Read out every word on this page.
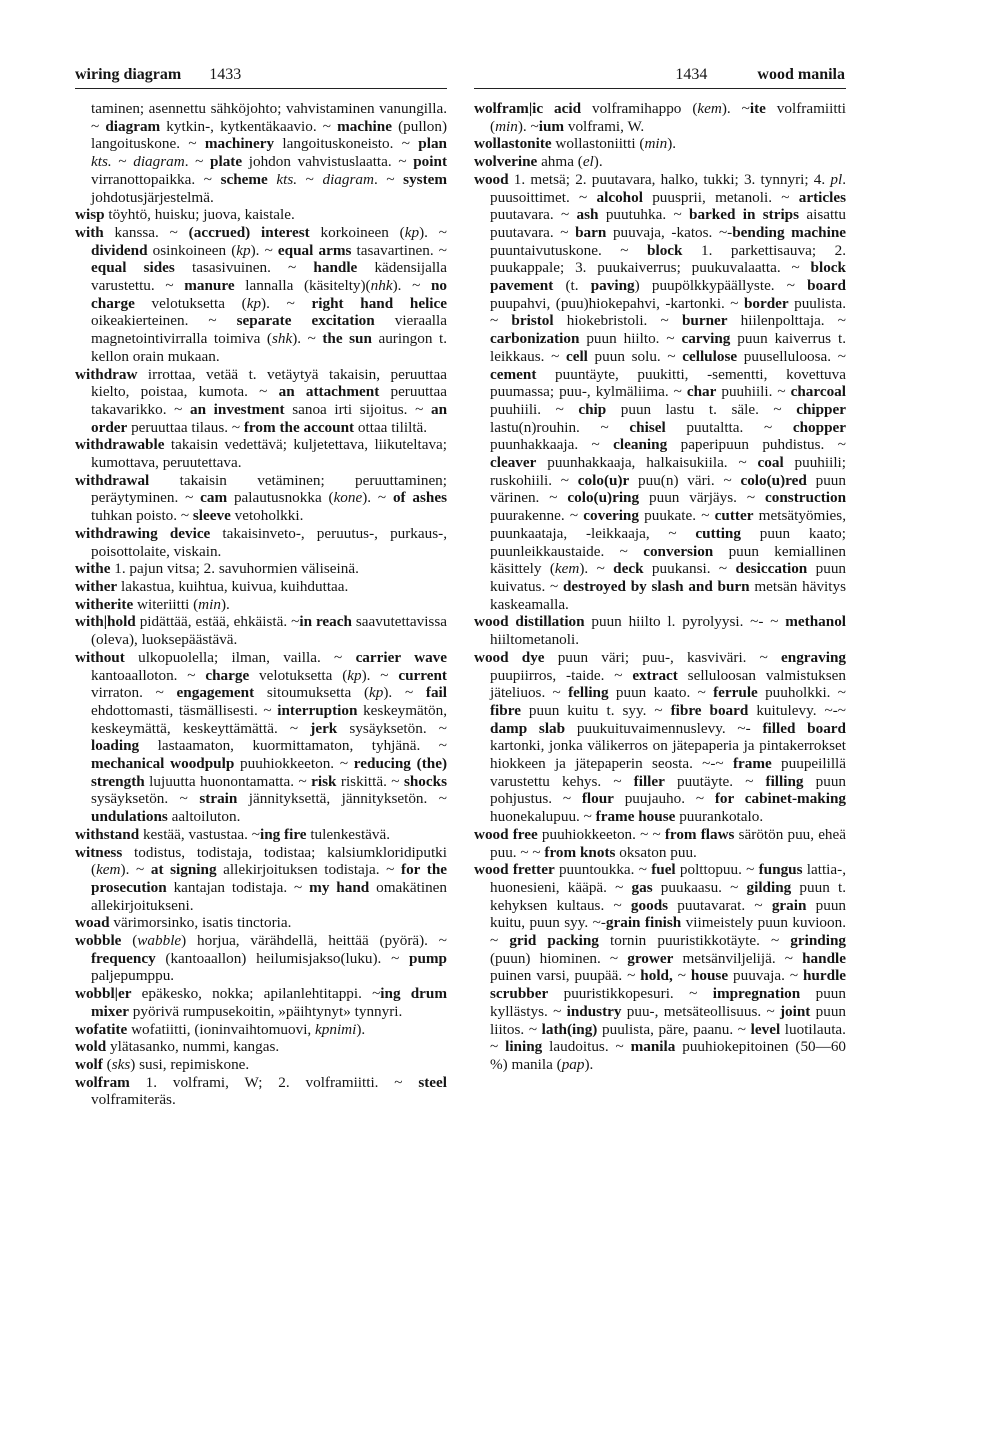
wiring diagram 1433	1434	wood manila

taminen; asennettu sähköjohto; vahvistaminen vanungilla. ~ diagram kytkin-, kytkentäkaavio. ~ machine (pullon) langoituskone. ~ machinery langoituskoneisto. ~ plan kts. ~ diagram. ~ plate johdon vahvistuslaatta. ~ point virranottopaikka. ~ scheme kts. ~ diagram. ~ system johdotusjärjestelmä.

wisp töyhtö, huisku; juova, kaistale.

with kanssa. ~ (accrued) interest korkoineen (kp). ~ dividend osinkoineen (kp). ~ equal arms tasavartinen. ~ equal sides tasasivuinen. ~ handle kädensijalla varustettu. ~ manure lannalla (käsitelty)(nhk). ~ no charge velotuksetta (kp). ~ right hand helice oikeakierteinen. ~ separate excitation vieraalla magnetointivirralla toimiva (shk). ~ the sun auringon t. kellon orain mukaan.

withdraw irrottaa, vetää t. vetäytyä takaisin, peruuttaa kielto, poistaa, kumota. ~ an attachment peruuttaa takavarikko. ~ an investment sanoa irti sijoitus. ~ an order peruuttaa tilaus. ~ from the account ottaa tililtä.

withdrawable takaisin vedettävä; kuljetettava, liikuteltava; kumottava, peruutettava.

withdrawal takaisin vetäminen; peruuttaminen; peräytyminen. ~ cam palautusnokka (kone). ~ of ashes tuhkan poisto. ~ sleeve vetoholkki.

withdrawing device takaisinveto-, peruutus-, purkaus-, poisottolaite, viskain.

withe 1. pajun vitsa; 2. savuhormien väliseinä.

wither lakastua, kuihtua, kuivua, kuihduttaa.

witherite witeriitti (min).

with|hold pidättää, estää, ehkäistä. ~in reach saavutettavissa (oleva), luoksepäästävä.

without ulkopuolella; ilman, vailla. ~ carrier wave kantoaalloton. ~ charge velotuksetta (kp). ~ current virraton. ~ engagement sitoumuksetta (kp). ~ fail ehdottomasti, täsmällisesti. ~ interruption keskeymätön, keskeymättä, keskeyttämättä. ~ jerk sysäyksetön. ~ loading lastaamaton, kuormittamaton, tyhjänä. ~ mechanical woodpulp puuhiokkeeton. ~ reducing (the) strength lujuutta huonontamatta. ~ risk riskittä. ~ shocks sysäyksetön. ~ strain jännityksettä, jännityksetön. ~ undulations aaltoiluton.

withstand kestää, vastustaa. ~ing fire tulenkestävä.

witness todistus, todistaja, todistaa; kalsiumkloridiputki (kem). ~ at signing allekirjoituksen todistaja. ~ for the prosecution kantajan todistaja. ~ my hand omakätinen allekirjoitukseni.

woad värimorsinko, isatis tinctoria.

wobble (wabble) horjua, värähdellä, heittää (pyörä). ~ frequency (kantoaallon) heilumisjakso(luku). ~ pump paljepumppu.

wobbl|er epäkesko, nokka; apilanlehtitappi. ~ing drum mixer pyörivä rumpusekoitin, »päihtynyt» tynnyri.

wofatite wofatiitti, (ioninvaihtomuovi, kpnimi).

wold ylätasanko, nummi, kangas.

wolf (sks) susi, repimiskone.

wolfram 1. volframi, W; 2. volframiitti. ~ steel volframiteräs.

wolfram|ic acid volframihappo (kem). ~ite volframiitti (min). ~ium volframi, W.

wollastonite wollastoniitti (min).

wolverine ahma (el).

wood 1. metsä; 2. puutavara, halko, tukki; 3. tynnyri; 4. pl. puusoittimet. ~ alcohol puusprii, metanoli. ~ articles puutavara. ~ ash puutuhka. ~ barked in strips aisattu puutavara. ~ barn puuvaja, -katos. ~-bending machine puuntaivutuskone. ~ block 1. parkettisauva; 2. puukappale; 3. puukaiverrus; puukuvalaatta. ~ block pavement (t. paving) puupölkkypäällyste. ~ board puupahvi, (puu)hiokepahvi, -kartonki. ~ border puulista. ~ bristol hiokebristoli. ~ burner hiilenpolttaja. ~ carbonization puun hiilto. ~ carving puun kaiverrus t. leikkaus. ~ cell puun solu. ~ cellulose puuselluloosa. ~ cement puuntäyte, puukitti, -sementti, kovettuva puumassa; puu-, kylmäliima. ~ char puuhiili. ~ charcoal puuhiili. ~ chip puun lastu t. säle. ~ chipper lastu(n)rouhin. ~ chisel puutaltta. ~ chopper puunhakkaaja. ~ cleaning paperipuun puhdistus. ~ cleaver puunhakkaaja, halkaisukiila. ~ coal puuhiili; ruskohiili. ~ colo(u)r puu(n) väri. ~ colo(u)red puun värinen. ~ colo(u)ring puun värjäys. ~ construction puurakenne. ~ covering puukate. ~ cutter metsätyömies, puunkaataja, -leikkaaja, ~ cutting puun kaato; puunleikkaustaide. ~ conversion puun kemiallinen käsittely (kem). ~ deck puukansi. ~ desiccation puun kuivatus. ~ destroyed by slash and burn metsän hävitys kaskeamalla.

wood distillation puun hiilto l. pyrolyysi. ~- ~ methanol hiiltometanoli.

wood dye puun väri; puu-, kasviväri. ~ engraving puupiirros, -taide. ~ extract selluloosan valmistuksen jäteliuos. ~ felling puun kaato. ~ ferrule puuholkki. ~ fibre puun kuitu t. syy. ~ fibre board kuitulevy. ~-~ damp slab puukuituvaimennuslevy. ~- filled board kartonki, jonka välikerros on jätepaperia ja pintakerrokset hiokkeen ja jätepaperin seosta. ~-~ frame puupeilillä varustettu kehys. ~ filler puutäyte. ~ filling puun pohjustus. ~ flour puujauho. ~ for cabinet-making huonekalupuu. ~ frame house puurankotalo.

wood free puuhiokkeeton. ~ ~ from flaws särötön puu, eheä puu. ~ ~ from knots oksaton puu.

wood fretter puuntoukka. ~ fuel polttopuu. ~ fungus lattia-, huonesieni, kääpä. ~ gas puukaasu. ~ gilding puun t. kehyksen kultaus. ~ goods puutavarat. ~ grain puun kuitu, puun syy. ~-grain finish viimeistely puun kuvioon. ~ grid packing tornin puuristikkotäyte. ~ grinding (puun) hiominen. ~ grower metsänviljelijä. ~ handle puinen varsi, puupää. ~ hold, ~ house puuvaja. ~ hurdle scrubber puuristikkopesuri. ~ impregnation puun kyllästys. ~ industry puu-, metsäteollisuus. ~ joint puun liitos. ~ lath(ing) puulista, päre, paanu. ~ level luotilauta. ~ lining laudoitus. ~ manila puuhiokepitoinen (50—60 %) manila (pap).
